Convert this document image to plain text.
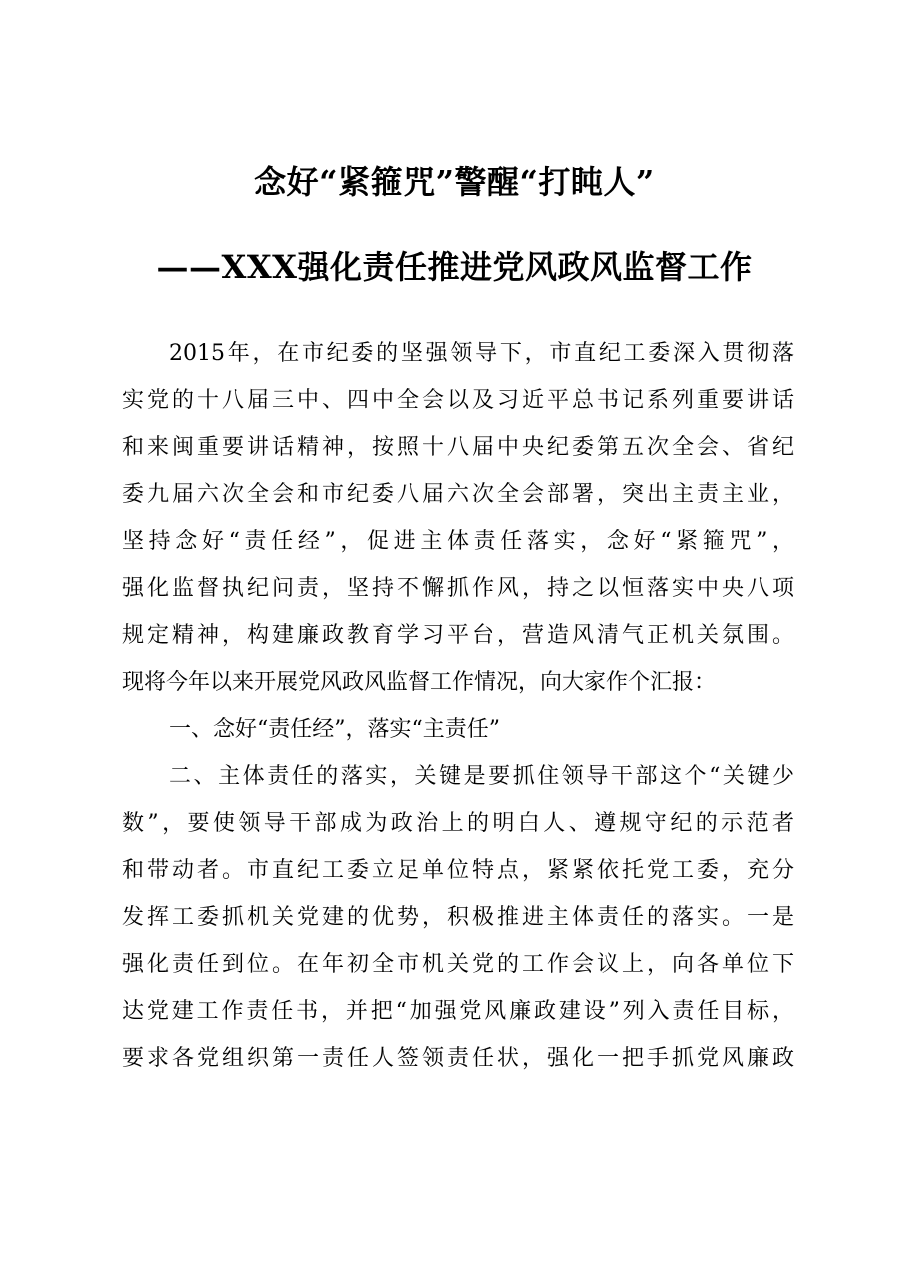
念好“紧箍咒”警醒“打盹人”
——XXX强化责任推进党风政风监督工作
2015年，在市纪委的坚强领导下，市直纪工委深入贯彻落
实党的十八届三中、四中全会以及习近平总书记系列重要讲话
和来闽重要讲话精神，按照十八届中央纪委第五次全会、省纪
委九届六次全会和市纪委八届六次全会部署，突出主责主业，
坚持念好“责任经”，促进主体责任落实，念好“紧箍咒”，
强化监督执纪问责，坚持不懈抓作风，持之以恒落实中央八项
规定精神，构建廉政教育学习平台，营造风清气正机关氛围。
现将今年以来开展党风政风监督工作情况，向大家作个汇报：
一、念好“责任经”，落实“主责任”
二、主体责任的落实，关键是要抓住领导干部这个“关键少
数”，要使领导干部成为政治上的明白人、遵规守纪的示范者
和带动者。市直纪工委立足单位特点，紧紧依托党工委，充分
发挥工委抓机关党建的优势，积极推进主体责任的落实。一是
强化责任到位。在年初全市机关党的工作会议上，向各单位下
达党建工作责任书，并把“加强党风廉政建设”列入责任目标，
要求各党组织第一责任人签领责任状，强化一把手抓党风廉政
